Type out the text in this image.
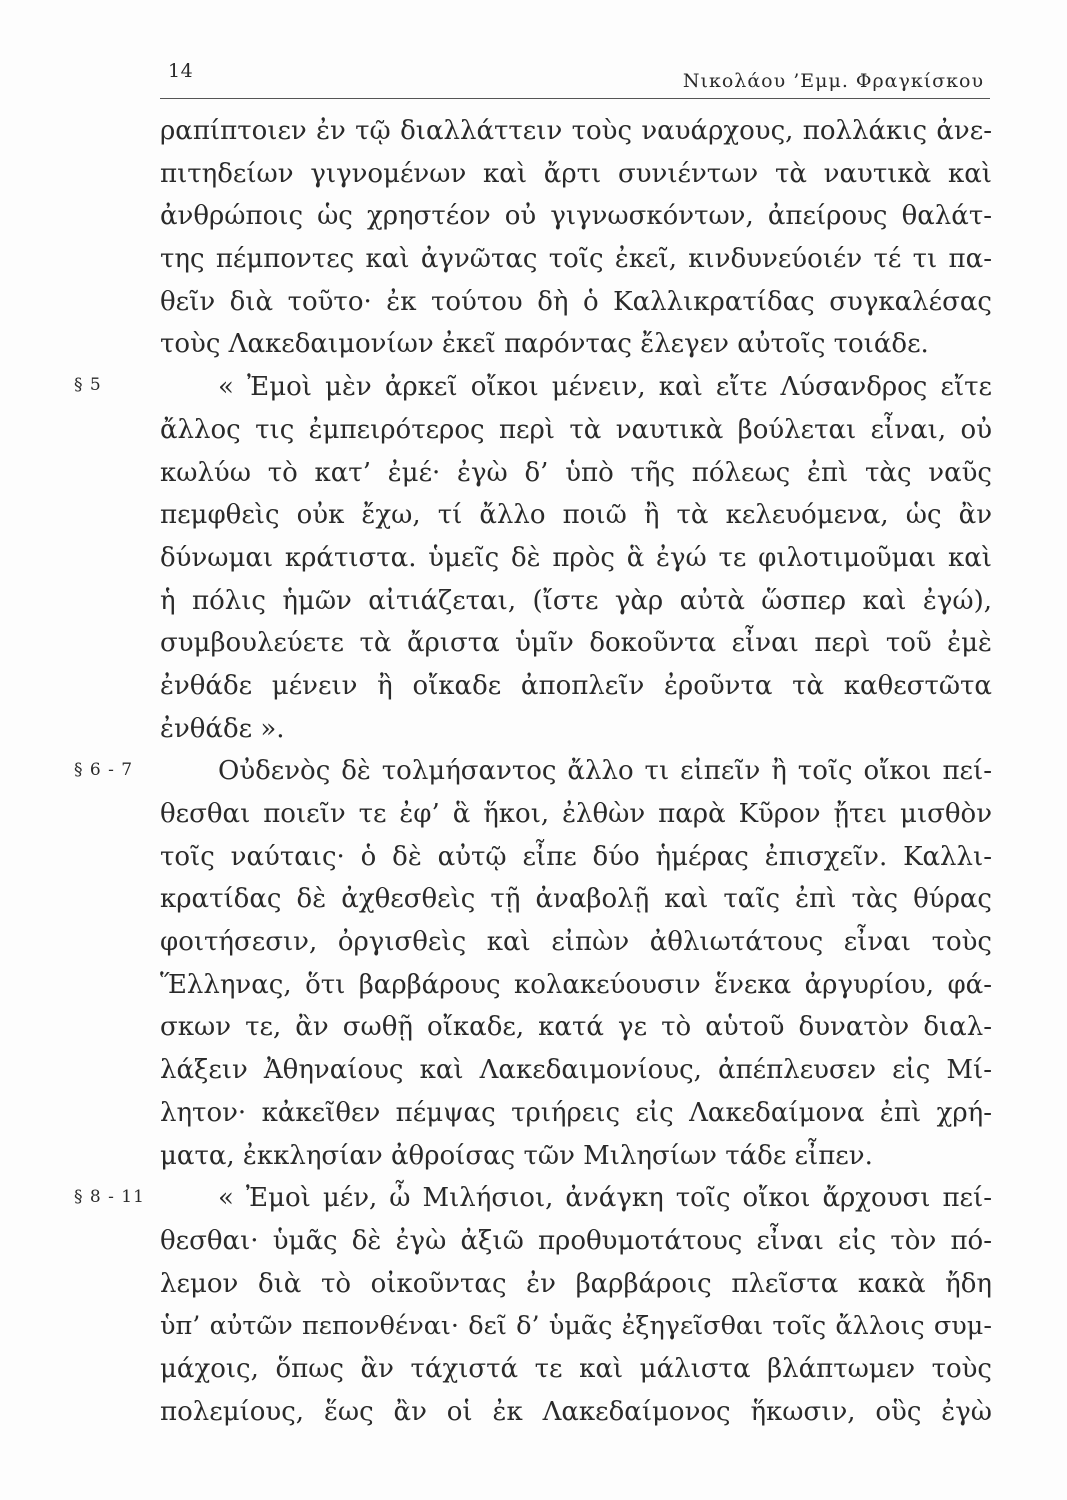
14	Νικολάου ’Εμμ. Φραγκίσκου
ραπίπτοιεν ἐν τῷ διαλλάττειν τοὺς ναυάρχους, πολλάκις ἀνε-
πιτηδείων γιγνομένων καὶ ἄρτι συνιέντων τὰ ναυτικὰ καὶ
ἀνθρώποις ὡς χρηστέον οὐ γιγνωσκόντων, ἀπείρους θαλάτ-
της πέμποντες καὶ ἀγνῶτας τοῖς ἐκεῖ, κινδυνεύοιέν τέ τι πα-
θεῖν διὰ τοῦτο· ἐκ τούτου δὴ ὁ Καλλικρατίδας συγκαλέσας
τοὺς Λακεδαιμονίων ἐκεῖ παρόντας ἔλεγεν αὐτοῖς τοιάδε.
« Ἐμοὶ μὲν ἀρκεῖ οἴκοι μένειν, καὶ εἴτε Λύσανδρος εἴτε
ἄλλος τις ἐμπειρότερος περὶ τὰ ναυτικὰ βούλεται εἶναι, οὐ
κωλύω τὸ κατ’ ἐμέ· ἐγὼ δ’ ὑπὸ τῆς πόλεως ἐπὶ τὰς ναῦς
πεμφθεὶς οὐκ ἔχω, τί ἄλλο ποιῶ ἢ τὰ κελευόμενα, ὡς ἂν
δύνωμαι κράτιστα. ὑμεῖς δὲ πρὸς ἃ ἐγώ τε φιλοτιμοῦμαι καὶ
ἡ πόλις ἡμῶν αἰτιάζεται, (ἴστε γὰρ αὐτὰ ὥσπερ καὶ ἐγώ),
συμβουλεύετε τὰ ἄριστα ὑμῖν δοκοῦντα εἶναι περὶ τοῦ ἐμὲ
ἐνθάδε μένειν ἢ οἴκαδε ἀποπλεῖν ἐροῦντα τὰ καθεστῶτα
ἐνθάδε ».
Οὐδενὸς δὲ τολμήσαντος ἄλλο τι εἰπεῖν ἢ τοῖς οἴκοι πεί-
θεσθαι ποιεῖν τε ἐφ’ ἃ ἥκοι, ἐλθὼν παρὰ Κῦρον ᾔτει μισθὸν
τοῖς ναύταις· ὁ δὲ αὐτῷ εἶπε δύο ἡμέρας ἐπισχεῖν. Καλλι-
κρατίδας δὲ ἀχθεσθεὶς τῇ ἀναβολῇ καὶ ταῖς ἐπὶ τὰς θύρας
φοιτήσεσιν, ὀργισθεὶς καὶ εἰπὼν ἀθλιωτάτους εἶναι τοὺς
Ἕλληνας, ὅτι βαρβάρους κολακεύουσιν ἕνεκα ἀργυρίου, φά-
σκων τε, ἂν σωθῇ οἴκαδε, κατά γε τὸ αὑτοῦ δυνατὸν διαλ-
λάξειν Ἀθηναίους καὶ Λακεδαιμονίους, ἀπέπλευσεν εἰς Μί-
λητον· κἀκεῖθεν πέμψας τριήρεις εἰς Λακεδαίμονα ἐπὶ χρή-
ματα, ἐκκλησίαν ἀθροίσας τῶν Μιλησίων τάδε εἶπεν.
« Ἐμοὶ μέν, ὦ Μιλήσιοι, ἀνάγκη τοῖς οἴκοι ἄρχουσι πεί-
θεσθαι· ὑμᾶς δὲ ἐγὼ ἀξιῶ προθυμοτάτους εἶναι εἰς τὸν πό-
λεμον διὰ τὸ οἰκοῦντας ἐν βαρβάροις πλεῖστα κακὰ ἤδη
ὑπ’ αὐτῶν πεπονθέναι· δεῖ δ’ ὑμᾶς ἐξηγεῖσθαι τοῖς ἄλλοις συμ-
μάχοις, ὅπως ἂν τάχιστά τε καὶ μάλιστα βλάπτωμεν τοὺς
πολεμίους, ἕως ἂν οἱ ἐκ Λακεδαίμονος ἥκωσιν, οὓς ἐγὼ
§ 5
§ 6 - 7
§ 8 - 11
